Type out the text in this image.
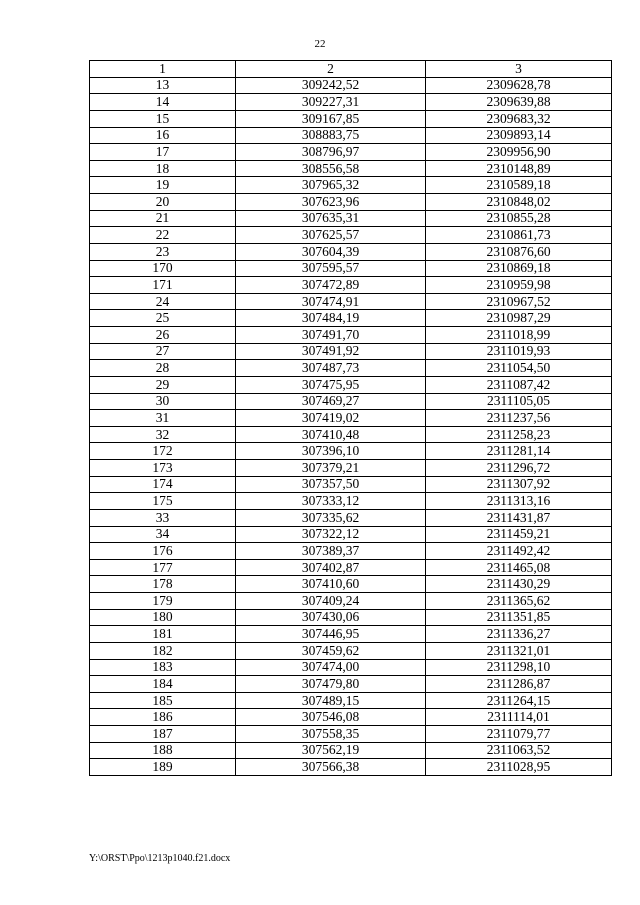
22
1	2	3
13	309242,52	2309628,78
14	309227,31	2309639,88
15	309167,85	2309683,32
16	308883,75	2309893,14
17	308796,97	2309956,90
18	308556,58	2310148,89
19	307965,32	2310589,18
20	307623,96	2310848,02
21	307635,31	2310855,28
22	307625,57	2310861,73
23	307604,39	2310876,60
170	307595,57	2310869,18
171	307472,89	2310959,98
24	307474,91	2310967,52
25	307484,19	2310987,29
26	307491,70	2311018,99
27	307491,92	2311019,93
28	307487,73	2311054,50
29	307475,95	2311087,42
30	307469,27	2311105,05
31	307419,02	2311237,56
32	307410,48	2311258,23
172	307396,10	2311281,14
173	307379,21	2311296,72
174	307357,50	2311307,92
175	307333,12	2311313,16
33	307335,62	2311431,87
34	307322,12	2311459,21
176	307389,37	2311492,42
177	307402,87	2311465,08
178	307410,60	2311430,29
179	307409,24	2311365,62
180	307430,06	2311351,85
181	307446,95	2311336,27
182	307459,62	2311321,01
183	307474,00	2311298,10
184	307479,80	2311286,87
185	307489,15	2311264,15
186	307546,08	2311114,01
187	307558,35	2311079,77
188	307562,19	2311063,52
189	307566,38	2311028,95
Y:\ORST\Ppo\1213p1040.f21.docx
